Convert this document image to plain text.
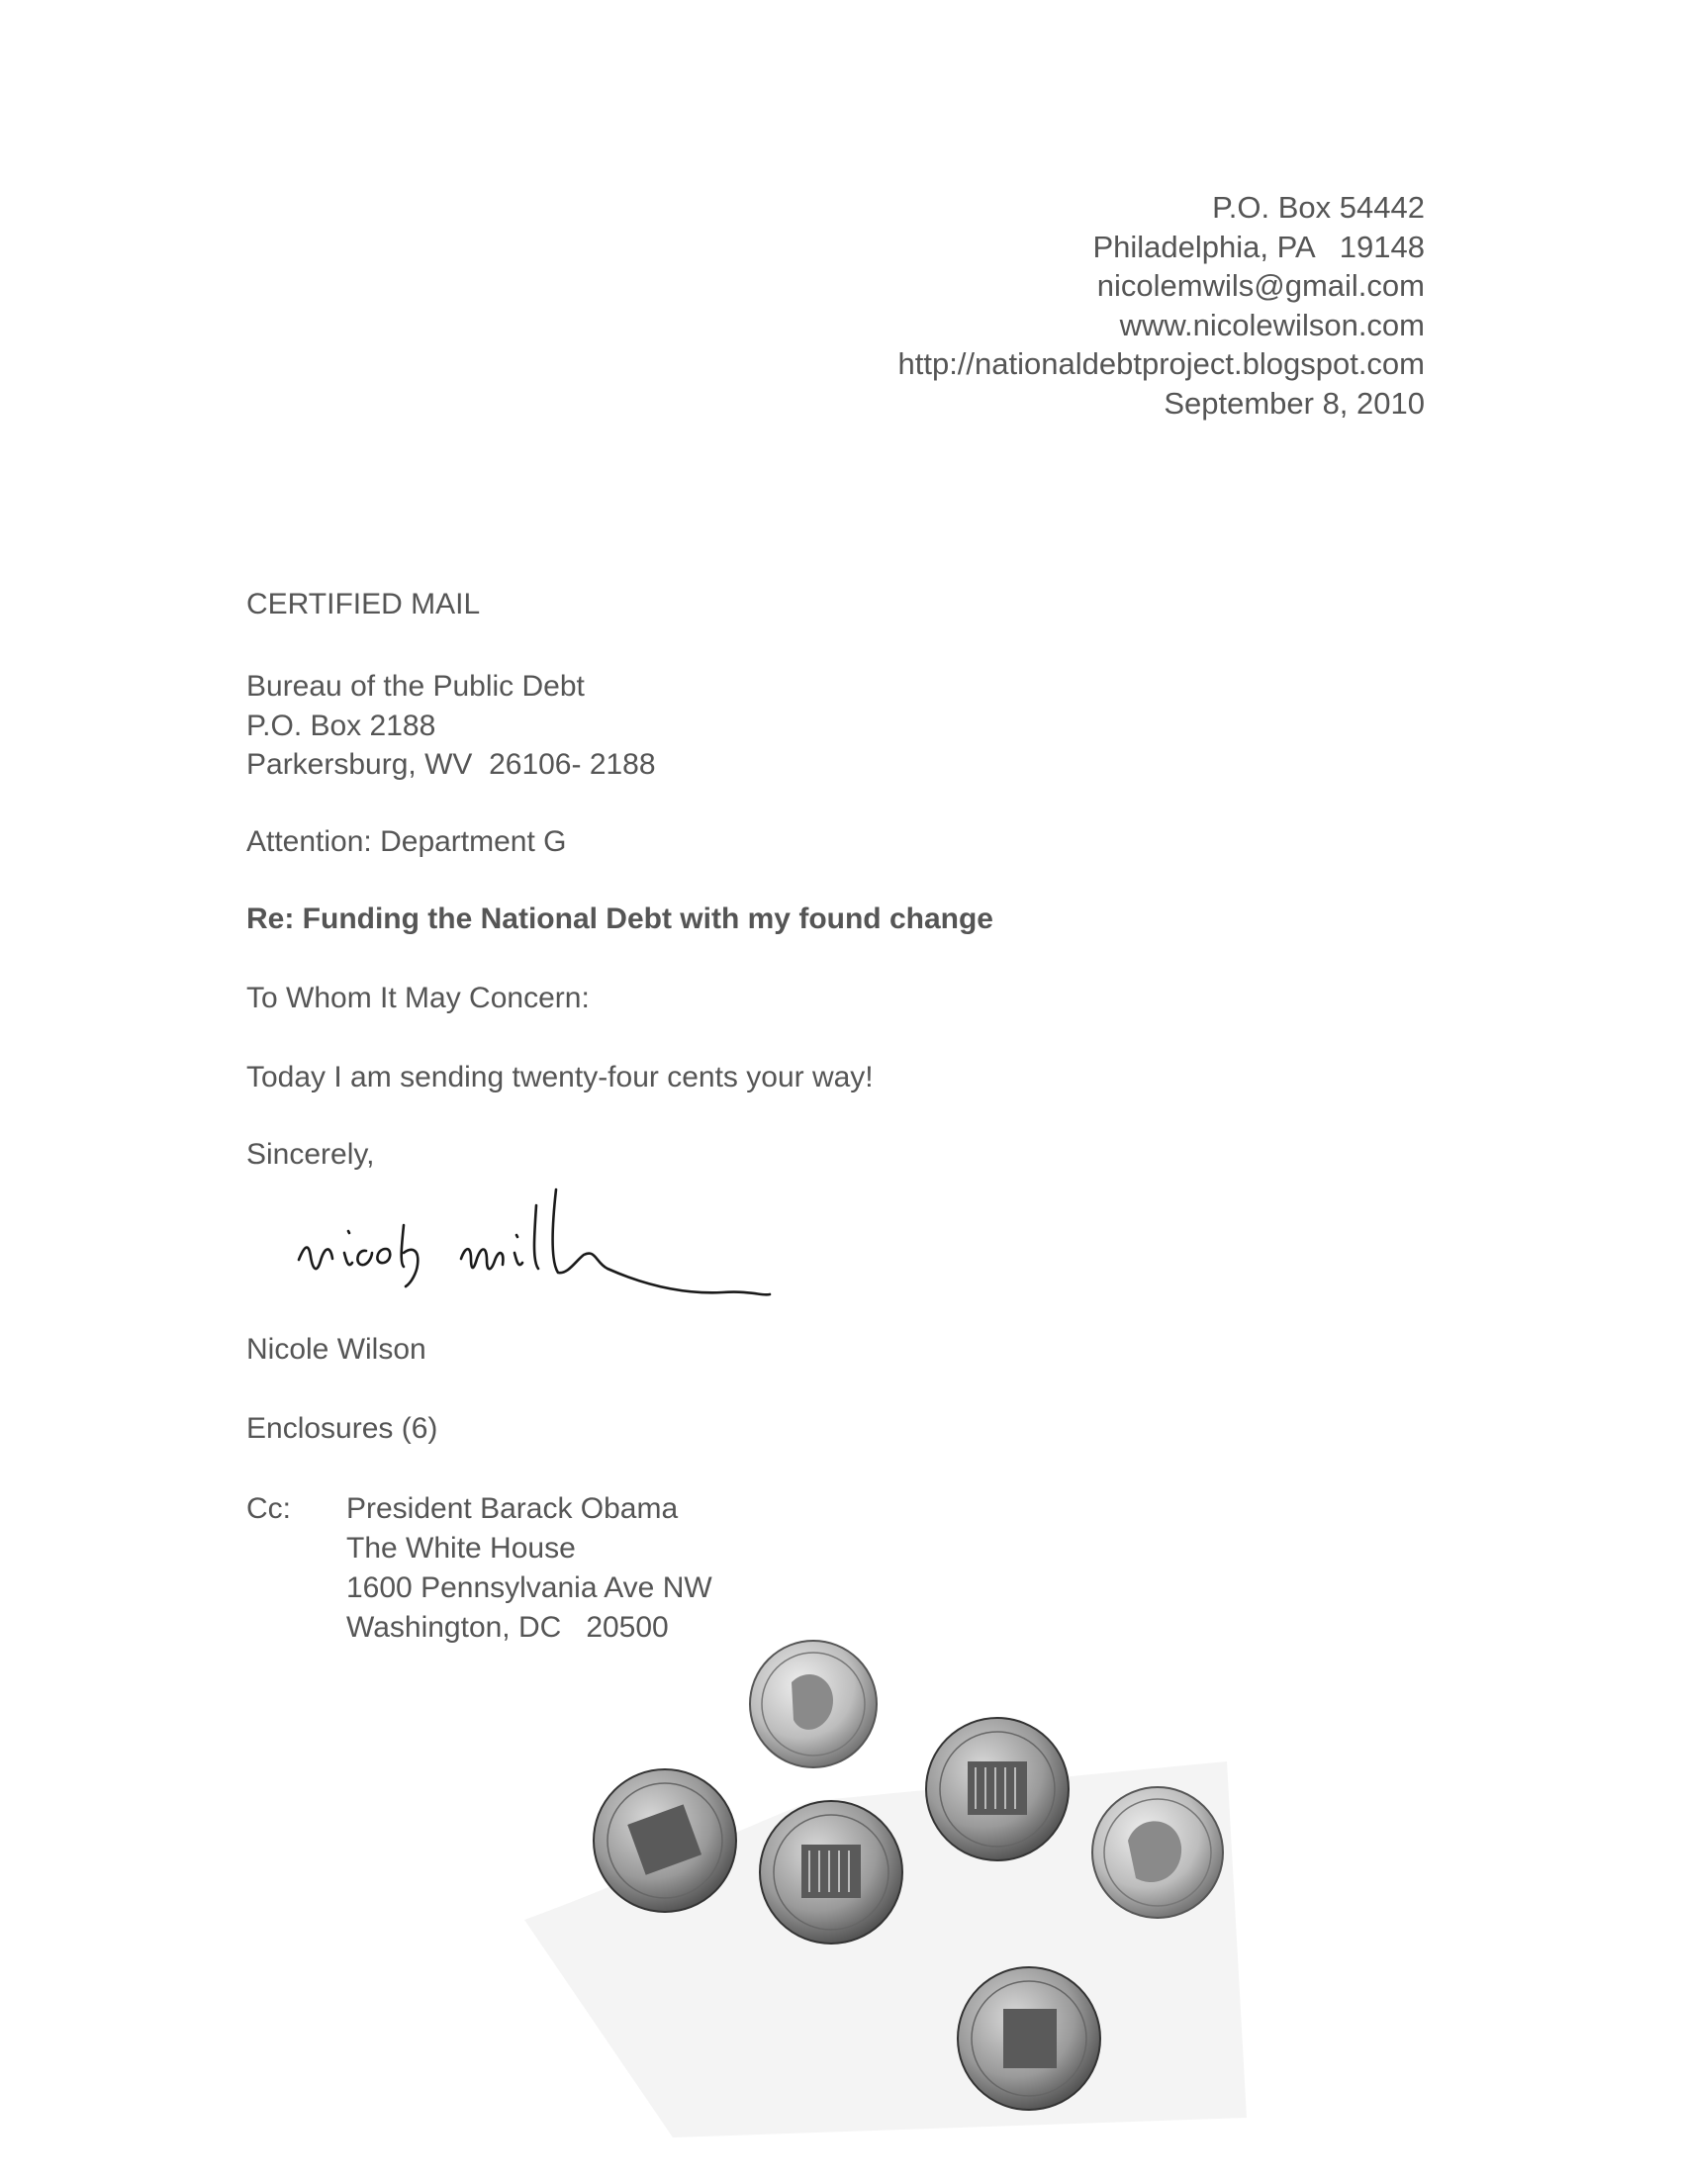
P.O. Box 54442
Philadelphia, PA   19148
nicolemwils@gmail.com
www.nicolewilson.com
http://nationaldebtproject.blogspot.com
September 8, 2010
CERTIFIED MAIL
Bureau of the Public Debt
P.O. Box 2188
Parkersburg, WV  26106- 2188
Attention: Department G
Re: Funding the National Debt with my found change
To Whom It May Concern:
Today I am sending twenty-four cents your way!
Sincerely,
Nicole Wilson
Enclosures (6)
Cc:	President Barack Obama
The White House
1600 Pennsylvania Ave NW
Washington, DC   20500
